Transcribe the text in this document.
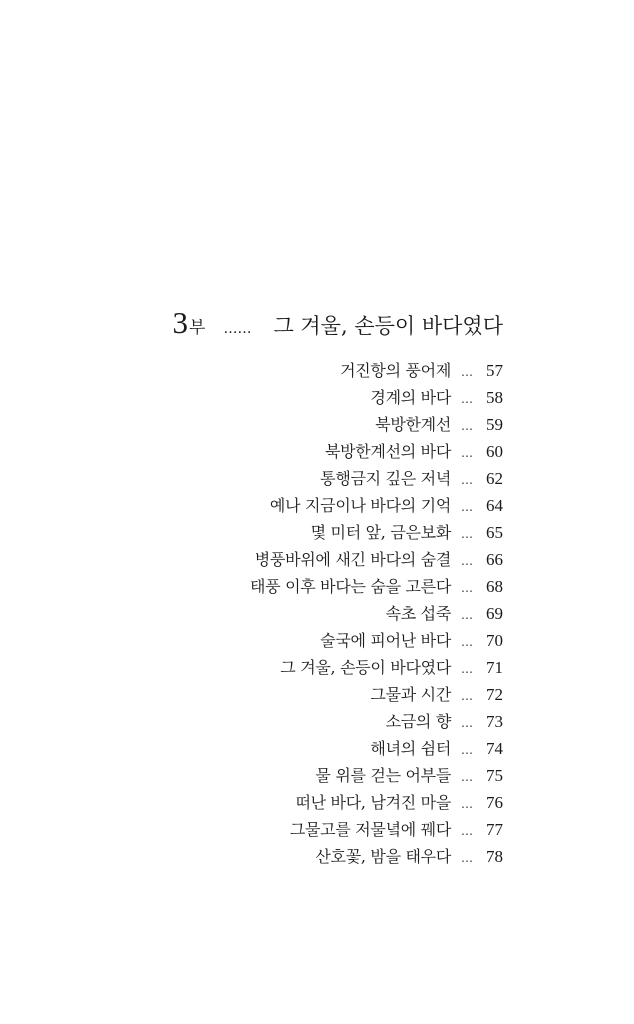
3 부 …… 그 겨울, 손등이 바다였다
거진항의 풍어제 … 57
경계의 바다 … 58
북방한계선 … 59
북방한계선의 바다 … 60
통행금지 깊은 저녁 … 62
예나 지금이나 바다의 기억 … 64
몇 미터 앞, 금은보화 … 65
병풍바위에 새긴 바다의 숨결 … 66
태풍 이후 바다는 숨을 고른다 … 68
속초 섭죽 … 69
술국에 피어난 바다 … 70
그 겨울, 손등이 바다였다 … 71
그물과 시간 … 72
소금의 향 … 73
해녀의 쉼터 … 74
물 위를 걷는 어부들 … 75
떠난 바다, 남겨진 마을 … 76
그물고를 저물녘에 꿰다 … 77
산호꽃, 밤을 태우다 … 78
